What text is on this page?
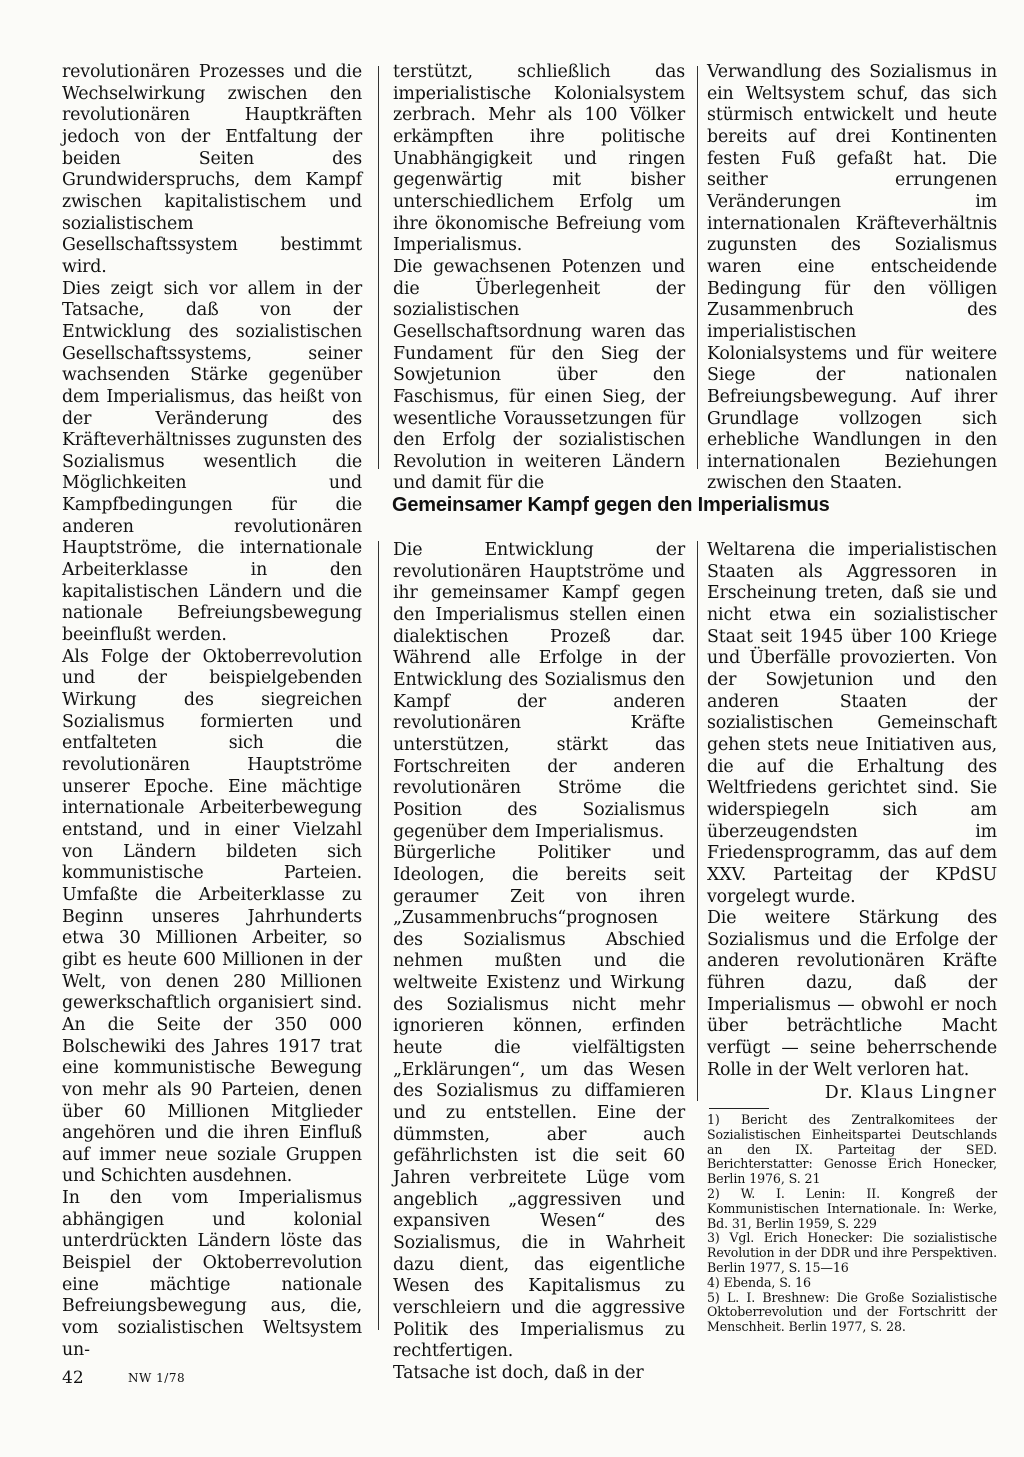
revolutionären Prozesses und die Wechselwirkung zwischen den revolutionären Hauptkräften jedoch von der Entfaltung der beiden Seiten des Grundwiderspruchs, dem Kampf zwischen kapitalistischem und sozialistischem Gesellschaftssystem bestimmt wird.

Dies zeigt sich vor allem in der Tatsache, daß von der Entwicklung des sozialistischen Gesellschaftssystems, seiner wachsenden Stärke gegenüber dem Imperialismus, das heißt von der Veränderung des Kräfteverhältnisses zugunsten des Sozialismus wesentlich die Möglichkeiten und Kampfbedingungen für die anderen revolutionären Hauptströme, die internationale Arbeiterklasse in den kapitalistischen Ländern und die nationale Befreiungsbewegung beeinflußt werden.

Als Folge der Oktoberrevolution und der beispielgebenden Wirkung des siegreichen Sozialismus formierten und entfalteten sich die revolutionären Hauptströme unserer Epoche. Eine mächtige internationale Arbeiterbewegung entstand, und in einer Vielzahl von Ländern bildeten sich kommunistische Parteien. Umfaßte die Arbeiterklasse zu Beginn unseres Jahrhunderts etwa 30 Millionen Arbeiter, so gibt es heute 600 Millionen in der Welt, von denen 280 Millionen gewerkschaftlich organisiert sind. An die Seite der 350 000 Bolschewiki des Jahres 1917 trat eine kommunistische Bewegung von mehr als 90 Parteien, denen über 60 Millionen Mitglieder angehören und die ihren Einfluß auf immer neue soziale Gruppen und Schichten ausdehnen.

In den vom Imperialismus abhängigen und kolonial unterdrückten Ländern löste das Beispiel der Oktoberrevolution eine mächtige nationale Befreiungsbewegung aus, die, vom sozialistischen Weltsystem un-

terstützt, schließlich das imperialistische Kolonialsystem zerbrach. Mehr als 100 Völker erkämpften ihre politische Unabhängigkeit und ringen gegenwärtig mit bisher unterschiedlichem Erfolg um ihre ökonomische Befreiung vom Imperialismus.

Die gewachsenen Potenzen und die Überlegenheit der sozialistischen Gesellschaftsordnung waren das Fundament für den Sieg der Sowjetunion über den Faschismus, für einen Sieg, der wesentliche Voraussetzungen für den Erfolg der sozialistischen Revolution in weiteren Ländern und damit für die

Verwandlung des Sozialismus in ein Weltsystem schuf, das sich stürmisch entwickelt und heute bereits auf drei Kontinenten festen Fuß gefaßt hat. Die seither errungenen Veränderungen im internationalen Kräfteverhältnis zugunsten des Sozialismus waren eine entscheidende Bedingung für den völligen Zusammenbruch des imperialistischen Kolonialsystems und für weitere Siege der nationalen Befreiungsbewegung. Auf ihrer Grundlage vollzogen sich erhebliche Wandlungen in den internationalen Beziehungen zwischen den Staaten.

Gemeinsamer Kampf gegen den Imperialismus

Die Entwicklung der revolutionären Hauptströme und ihr gemeinsamer Kampf gegen den Imperialismus stellen einen dialektischen Prozeß dar. Während alle Erfolge in der Entwicklung des Sozialismus den Kampf der anderen revolutionären Kräfte unterstützen, stärkt das Fortschreiten der anderen revolutionären Ströme die Position des Sozialismus gegenüber dem Imperialismus.

Bürgerliche Politiker und Ideologen, die bereits seit geraumer Zeit von ihren „Zusammenbruchs“prognosen des Sozialismus Abschied nehmen mußten und die weltweite Existenz und Wirkung des Sozialismus nicht mehr ignorieren können, erfinden heute die vielfältigsten „Erklärungen“, um das Wesen des Sozialismus zu diffamieren und zu entstellen. Eine der dümmsten, aber auch gefährlichsten ist die seit 60 Jahren verbreitete Lüge vom angeblich „aggressiven und expansiven Wesen“ des Sozialismus, die in Wahrheit dazu dient, das eigentliche Wesen des Kapitalismus zu verschleiern und die aggressive Politik des Imperialismus zu rechtfertigen.

Tatsache ist doch, daß in der

Weltarena die imperialistischen Staaten als Aggressoren in Erscheinung treten, daß sie und nicht etwa ein sozialistischer Staat seit 1945 über 100 Kriege und Überfälle provozierten. Von der Sowjetunion und den anderen Staaten der sozialistischen Gemeinschaft gehen stets neue Initiativen aus, die auf die Erhaltung des Weltfriedens gerichtet sind. Sie widerspiegeln sich am überzeugendsten im Friedensprogramm, das auf dem XXV. Parteitag der KPdSU vorgelegt wurde.

Die weitere Stärkung des Sozialismus und die Erfolge der anderen revolutionären Kräfte führen dazu, daß der Imperialismus — obwohl er noch über beträchtliche Macht verfügt — seine beherrschende Rolle in der Welt verloren hat.

Dr. Klaus Lingner

1) Bericht des Zentralkomitees der Sozialistischen Einheitspartei Deutschlands an den IX. Parteitag der SED. Berichterstatter: Genosse Erich Honecker, Berlin 1976, S. 21

2) W. I. Lenin: II. Kongreß der Kommunistischen Internationale. In: Werke, Bd. 31, Berlin 1959, S. 229

3) Vgl. Erich Honecker: Die sozialistische Revolution in der DDR und ihre Perspektiven. Berlin 1977, S. 15—16

4) Ebenda, S. 16

5) L. I. Breshnew: Die Große Sozialistische Oktoberrevolution und der Fortschritt der Menschheit. Berlin 1977, S. 28.

42	NW 1/78
